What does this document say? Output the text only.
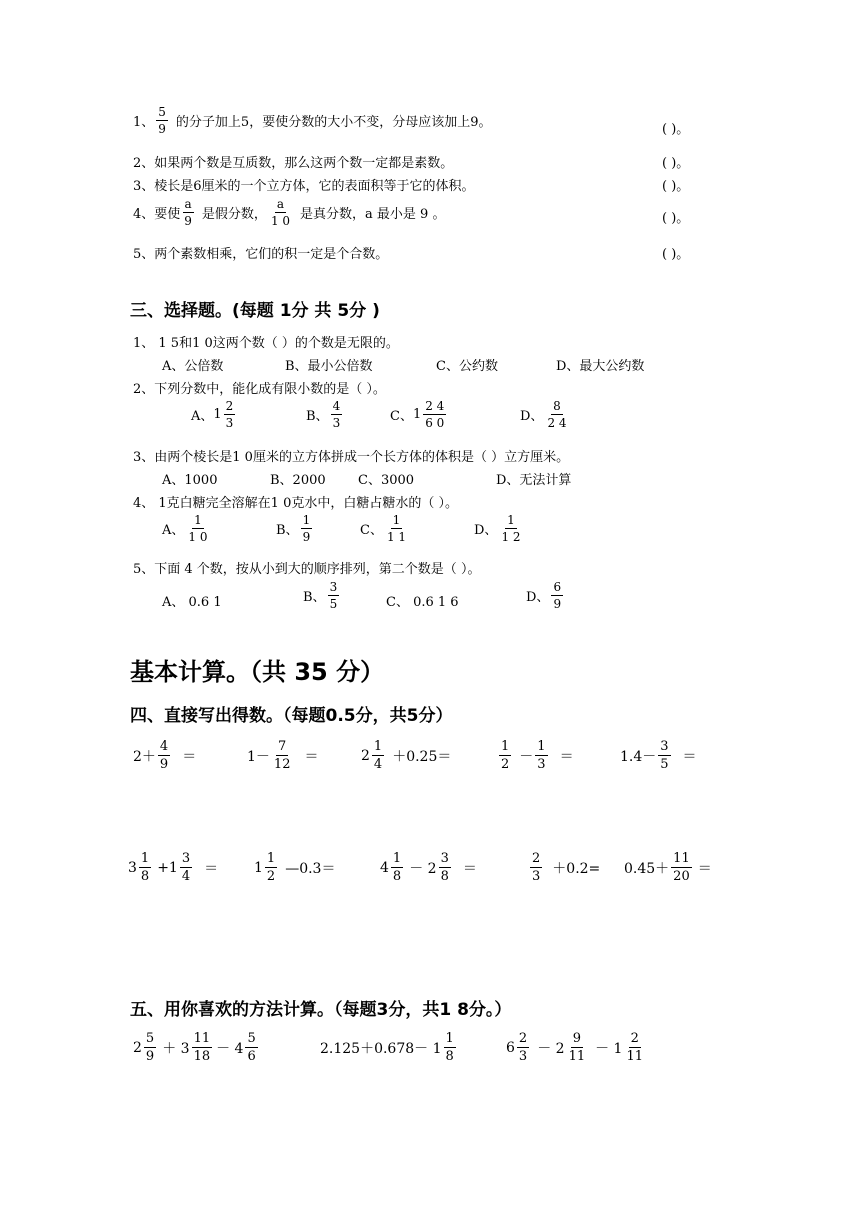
1、 $\frac{5}{9}$ 的分子加上5，要使分数的大小不变，分母应该加上9。	( )。
2、如果两个数是互质数，那么这两个数一定都是素数。	( )。
3、棱长是6厘米的一个立方体，它的表面积等于它的体积。	( )。
4、要使 $\frac{a}{9}$ 是假分数， $\frac{a}{1 0}$ 是真分数，a 最小是 9 。	( )。
5、两个素数相乘，它们的积一定是个合数。	( )。
三、选择题。(每题 1分 共 5分 )
1、 1 5和1 0这两个数（ ）的个数是无限的。
A、公倍数	B、最小公倍数	C、公约数	D、最大公约数
2、下列分数中，能化成有限小数的是（ ）。
A、 $1 \frac{2}{3}$	B、 $\frac{4}{3}$	C、 $1 \frac{2 4}{6 0}$	D、 $\frac{8}{2 4}$
3、由两个棱长是1 0厘米的立方体拼成一个长方体的体积是（ ）立方厘米。
A、1000	B、2000 C、3000	D、无法计算
4、 1克白糖完全溶解在1 0克水中，白糖占糖水的（ ）。
A、 $\frac{1}{1 0}$	B、 $\frac{1}{9}$	C、 $\frac{1}{1 1}$	D、 $\frac{1}{1 2}$
5、下面 4 个数，按从小到大的顺序排列，第二个数是（ ）。
A、 0.6 1	B、 $\frac{3}{5}$	C、 0.6 1 6	D、 $\frac{6}{9}$
基本计算。（共 35 分）
四、直接写出得数。（每题0.5分，共5分）
$2+ \frac{4}{9}$ ＝	$1- \frac{7}{12}$ ＝	$2 \frac{1}{4} +0.25=$	$\frac{1}{2} - \frac{1}{3}$ ＝	$1.4- \frac{3}{5}$ ＝
$3 \frac{1}{8} +1 \frac{3}{4}$ ＝	$1 \frac{1}{2}$ —0.3＝	$4 \frac{1}{8} - 2 \frac{3}{8}$ ＝	$\frac{2}{3} +0.2= 0.45+ \frac{11}{20}$ ＝
五、用你喜欢的方法计算。（每题3分，共1 8分。）
$2 \frac{5}{9} + 3 \frac{11}{18} - 4 \frac{5}{6}$	$2.125+0.678- 1 \frac{1}{8}$	$6 \frac{2}{3} - 2 \frac{9}{11} - 1 \frac{2}{11}$
